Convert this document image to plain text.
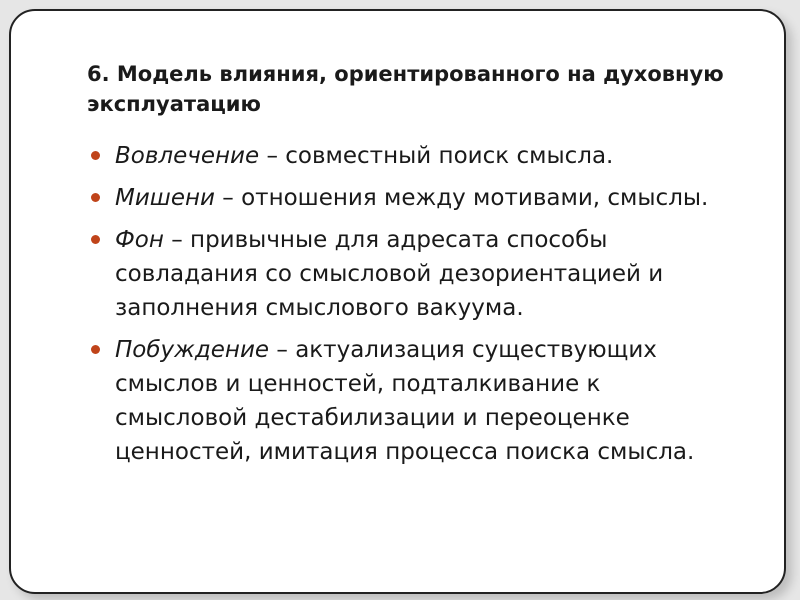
6. Модель влияния, ориентированного на духовную эксплуатацию
Вовлечение – совместный поиск смысла.
Мишени – отношения между мотивами, смыслы.
Фон – привычные для адресата способы совладания со смысловой дезориентацией и заполнения смыслового вакуума.
Побуждение – актуализация существующих смыслов и ценностей, подталкивание к смысловой дестабилизации и переоценке ценностей, имитация процесса поиска смысла.
